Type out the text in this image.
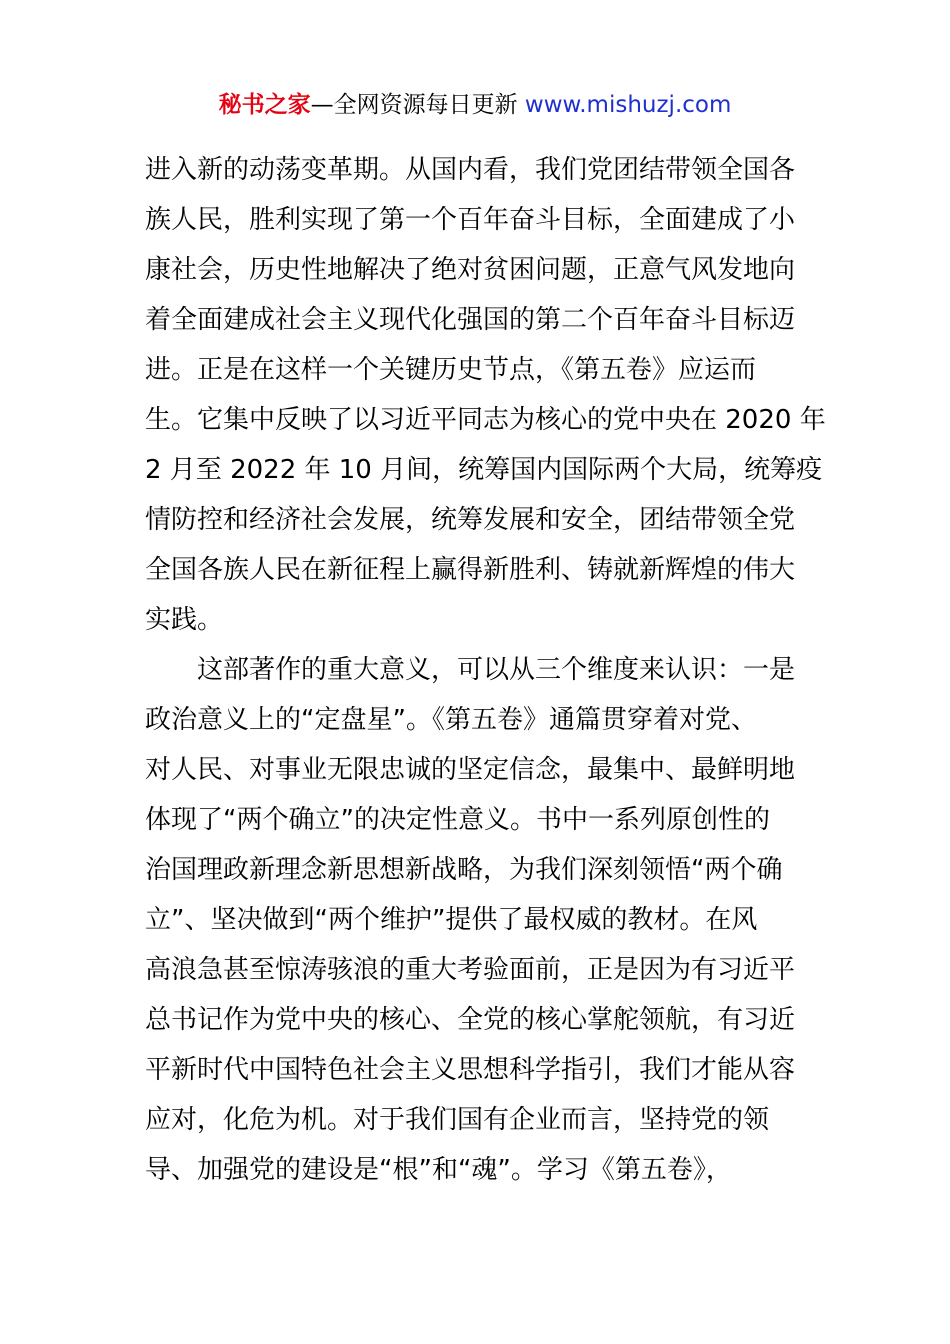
秘书之家—全网资源每日更新 www.mishuzj.com
进入新的动荡变革期。从国内看，我们党团结带领全国各
族人民，胜利实现了第一个百年奋斗目标，全面建成了小
康社会，历史性地解决了绝对贫困问题，正意气风发地向
着全面建成社会主义现代化强国的第二个百年奋斗目标迈
进。正是在这样一个关键历史节点，《第五卷》应运而
生。它集中反映了以习近平同志为核心的党中央在 2020 年
2 月至 2022 年 10 月间，统筹国内国际两个大局，统筹疫
情防控和经济社会发展，统筹发展和安全，团结带领全党
全国各族人民在新征程上赢得新胜利、铸就新辉煌的伟大
实践。
　　这部著作的重大意义，可以从三个维度来认识：一是
政治意义上的“定盘星”。《第五卷》通篇贯穿着对党、
对人民、对事业无限忠诚的坚定信念，最集中、最鲜明地
体现了“两个确立”的决定性意义。书中一系列原创性的
治国理政新理念新思想新战略，为我们深刻领悟“两个确
立”、坚决做到“两个维护”提供了最权威的教材。在风
高浪急甚至惊涛骇浪的重大考验面前，正是因为有习近平
总书记作为党中央的核心、全党的核心掌舵领航，有习近
平新时代中国特色社会主义思想科学指引，我们才能从容
应对，化危为机。对于我们国有企业而言，坚持党的领
导、加强党的建设是“根”和“魂”。学习《第五卷》，
